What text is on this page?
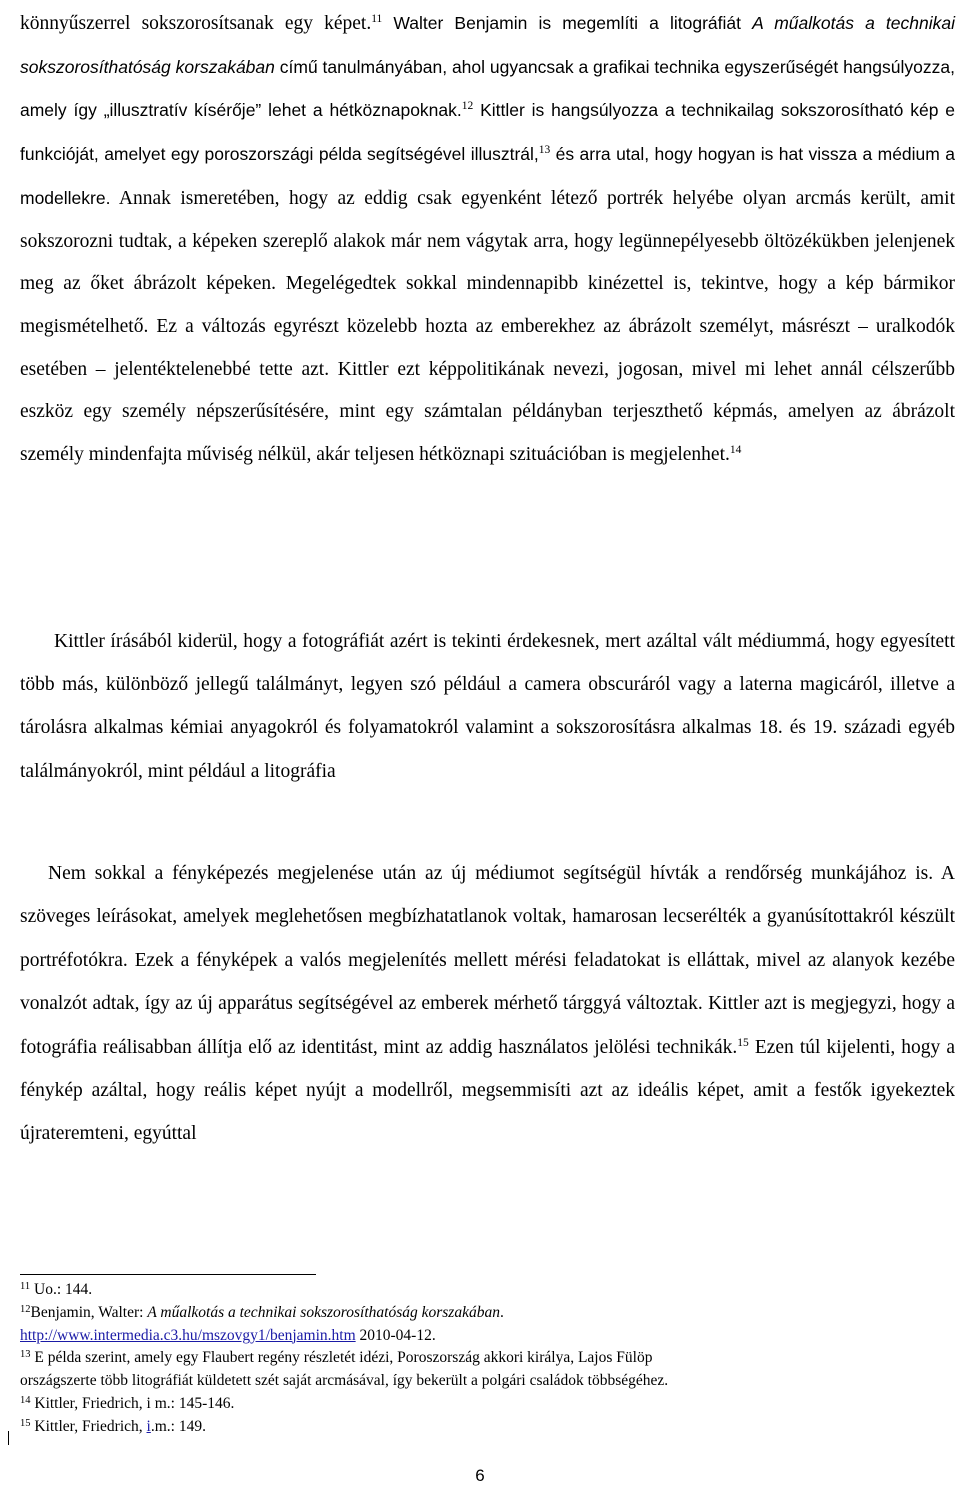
könnyűszerrel sokszorosítsanak egy képet.$^{11}$ Walter Benjamin is megemlíti a litográfiát A műalkotás a technikai sokszorosíthatóság korszakában című tanulmányában, ahol ugyancsak a grafikai technika egyszerűségét hangsúlyozza, amely így „illusztratív kísérője” lehet a hétköznapoknak.$^{12}$ Kittler is hangsúlyozza a technikailag sokszorosítható kép e funkcióját, amelyet egy poroszországi példa segítségével illusztrál,$^{13}$ és arra utal, hogy hogyan is hat vissza a médium a modellekre. Annak ismeretében, hogy az eddig csak egyenként létező portrék helyébe olyan arcmás került, amit sokszorozni tudtak, a képeken szereplő alakok már nem vágytak arra, hogy legünnepélyesebb öltözékükben jelenjenek meg az őket ábrázolt képeken. Megelégedtek sokkal mindennapibb kinézettel is, tekintve, hogy a kép bármikor megismételhető. Ez a változás egyrészt közelebb hozta az emberekhez az ábrázolt személyt, másrészt – uralkodók esetében – jelentéktelenebbé tette azt. Kittler ezt képpolitikának nevezi, jogosan, mivel mi lehet annál célszerűbb eszköz egy személy népszerűsítésére, mint egy számtalan példányban terjeszthető képmás, amelyen az ábrázolt személy mindenfajta műviség nélkül, akár teljesen hétköznapi szituációban is megjelenhet.$^{14}$

Kittler írásából kiderül, hogy a fotográfiát azért is tekinti érdekesnek, mert azáltal vált médiummá, hogy egyesített több más, különböző jellegű találmányt, legyen szó például a camera obscuráról vagy a laterna magicáról, illetve a tárolásra alkalmas kémiai anyagokról és folyamatokról valamint a sokszorosításra alkalmas 18. és 19. századi egyéb találmányokról, mint például a litográfia

Nem sokkal a fényképezés megjelenése után az új médiumot segítségül hívták a rendőrség munkájához is. A szöveges leírásokat, amelyek meglehetősen megbízhatatlanok voltak, hamarosan lecserélték a gyanúsítottakról készült portréfotókra. Ezek a fényképek a valós megjelenítés mellett mérési feladatokat is elláttak, mivel az alanyok kezébe vonalzót adtak, így az új apparátus segítségével az emberek mérhető tárggyá változtak. Kittler azt is megjegyzi, hogy a fotográfia reálisabban állítja elő az identitást, mint az addig használatos jelölési technikák.$^{15}$ Ezen túl kijelenti, hogy a fénykép azáltal, hogy reális képet nyújt a modellről, megsemmisíti azt az ideális képet, amit a festők igyekeztek újrateremteni, egyúttal

$^{11}$ Uo.: 144.

$^{12}$Benjamin, Walter: A műalkotás a technikai sokszorosíthatóság korszakában.

http://www.intermedia.c3.hu/mszovgy1/benjamin.htm 2010-04-12.

$^{13}$ E példa szerint, amely egy Flaubert regény részletét idézi, Poroszország akkori királya, Lajos Fülöp

országszerte több litográfiát küldetett szét saját arcmásával, így bekerült a polgári családok többségéhez.

$^{14}$ Kittler, Friedrich, i m.: 145-146.

$^{15}$ Kittler, Friedrich, i.m.: 149.

6
